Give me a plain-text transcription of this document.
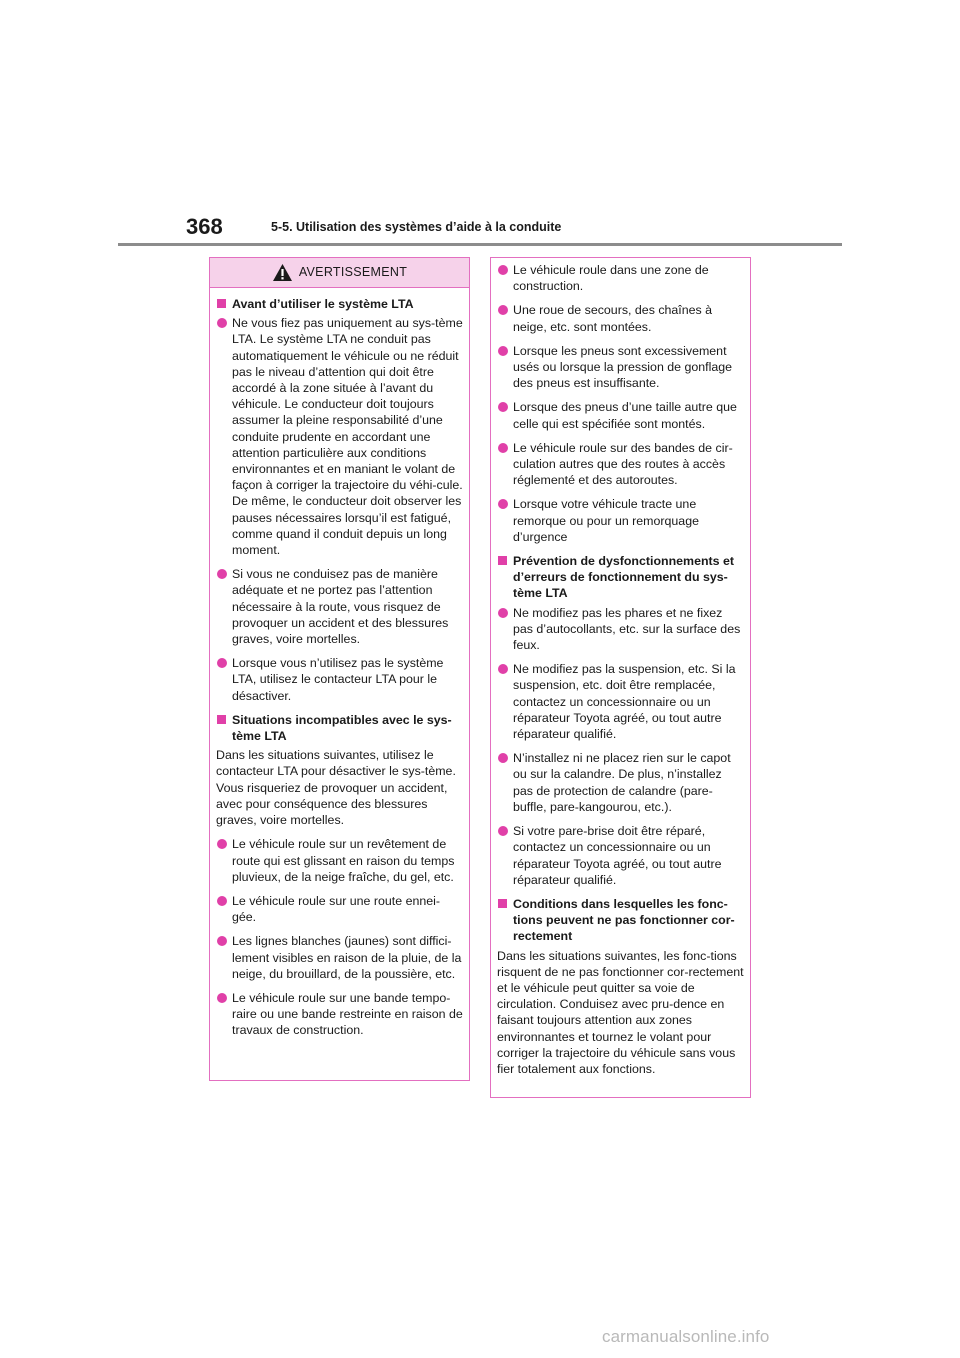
368	5-5. Utilisation des systèmes d’aide à la conduite
AVERTISSEMENT
Avant d’utiliser le système LTA
Ne vous fiez pas uniquement au sys-tème LTA. Le système LTA ne conduit pas automatiquement le véhicule ou ne réduit pas le niveau d’attention qui doit être accordé à la zone située à l’avant du véhicule. Le conducteur doit toujours assumer la pleine responsabilité d’une conduite prudente en accordant une attention particulière aux conditions environnantes et en maniant le volant de façon à corriger la trajectoire du véhi-cule. De même, le conducteur doit observer les pauses nécessaires lorsqu’il est fatigué, comme quand il conduit depuis un long moment.
Si vous ne conduisez pas de manière adéquate et ne portez pas l’attention nécessaire à la route, vous risquez de provoquer un accident et des blessures graves, voire mortelles.
Lorsque vous n’utilisez pas le système LTA, utilisez le contacteur LTA pour le désactiver.
Situations incompatibles avec le sys-tème LTA
Dans les situations suivantes, utilisez le contacteur LTA pour désactiver le sys-tème. Vous risqueriez de provoquer un accident, avec pour conséquence des blessures graves, voire mortelles.
Le véhicule roule sur un revêtement de route qui est glissant en raison du temps pluvieux, de la neige fraîche, du gel, etc.
Le véhicule roule sur une route ennei-gée.
Les lignes blanches (jaunes) sont diffici-lement visibles en raison de la pluie, de la neige, du brouillard, de la poussière, etc.
Le véhicule roule sur une bande tempo-raire ou une bande restreinte en raison de travaux de construction.
Le véhicule roule dans une zone de construction.
Une roue de secours, des chaînes à neige, etc. sont montées.
Lorsque les pneus sont excessivement usés ou lorsque la pression de gonflage des pneus est insuffisante.
Lorsque des pneus d’une taille autre que celle qui est spécifiée sont montés.
Le véhicule roule sur des bandes de cir-culation autres que des routes à accès réglementé et des autoroutes.
Lorsque votre véhicule tracte une remorque ou pour un remorquage d’urgence
Prévention de dysfonctionnements et d’erreurs de fonctionnement du sys-tème LTA
Ne modifiez pas les phares et ne fixez pas d’autocollants, etc. sur la surface des feux.
Ne modifiez pas la suspension, etc. Si la suspension, etc. doit être remplacée, contactez un concessionnaire ou un réparateur Toyota agréé, ou tout autre réparateur qualifié.
N’installez ni ne placez rien sur le capot ou sur la calandre. De plus, n’installez pas de protection de calandre (pare-buffle, pare-kangourou, etc.).
Si votre pare-brise doit être réparé, contactez un concessionnaire ou un réparateur Toyota agréé, ou tout autre réparateur qualifié.
Conditions dans lesquelles les fonc-tions peuvent ne pas fonctionner cor-rectement
Dans les situations suivantes, les fonc-tions risquent de ne pas fonctionner cor-rectement et le véhicule peut quitter sa voie de circulation. Conduisez avec pru-dence en faisant toujours attention aux zones environnantes et tournez le volant pour corriger la trajectoire du véhicule sans vous fier totalement aux fonctions.
carmanualsonline.info
